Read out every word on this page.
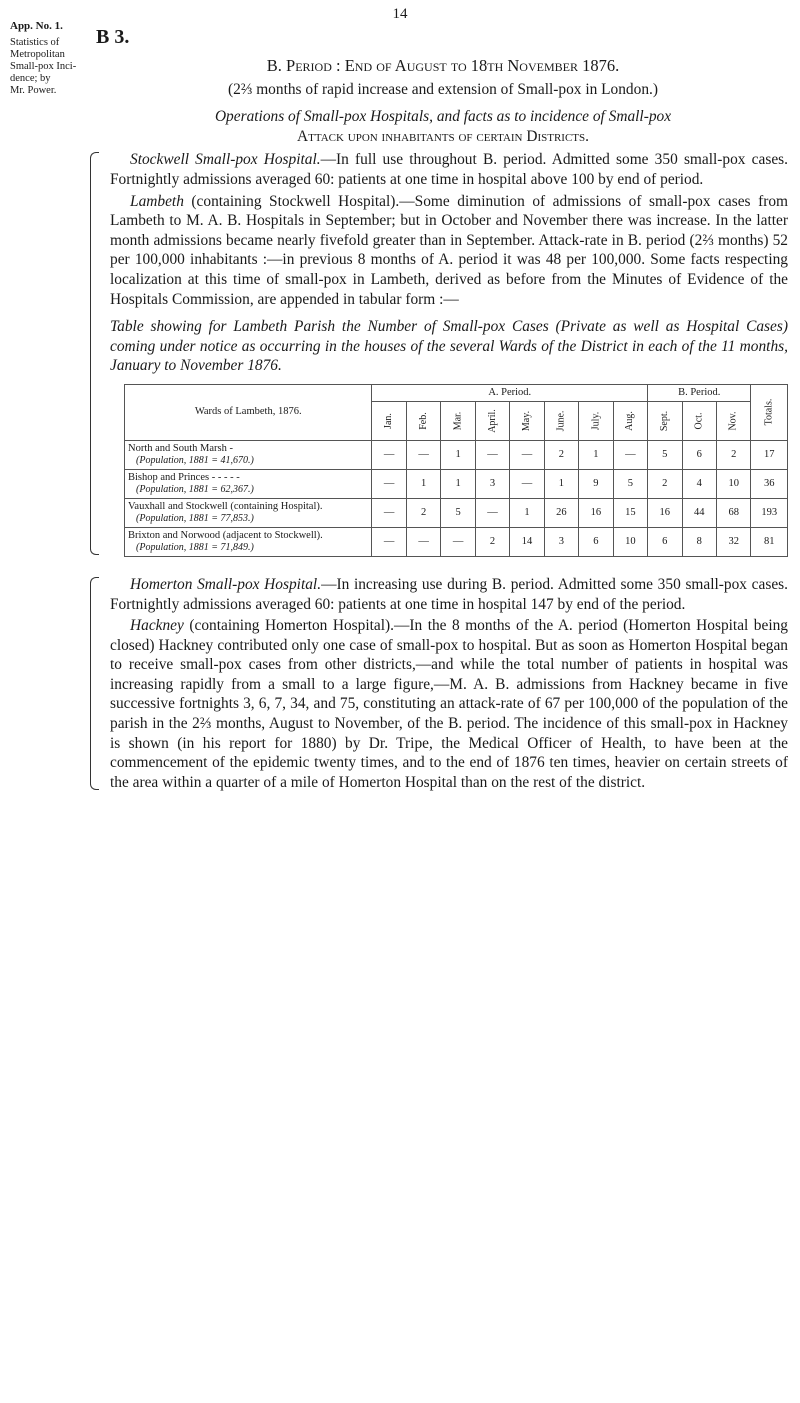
14
App. No. 1.
Statistics of
Metropolitan
Small-pox Inci-
dence; by
Mr. Power.
B 3.
B. Period : End of August to 18th November 1876.
(2⅔ months of rapid increase and extension of Small-pox in London.)
Operations of Small-pox Hospitals, and facts as to incidence of Small-pox
Attack upon inhabitants of certain Districts.

Stockwell Small-pox Hospital.—In full use throughout B. period. Admitted some 350 small-pox cases. Fortnightly admissions averaged 60: patients at one time in hospital above 100 by end of period.

Lambeth (containing Stockwell Hospital).—Some diminution of admissions of small-pox cases from Lambeth to M. A. B. Hospitals in September; but in October and November there was increase. In the latter month admissions became nearly fivefold greater than in September. Attack-rate in B. period (2⅔ months) 52 per 100,000 inhabitants :—in previous 8 months of A. period it was 48 per 100,000. Some facts respecting localization at this time of small-pox in Lambeth, derived as before from the Minutes of Evidence of the Hospitals Commission, are appended in tabular form :—

Table showing for Lambeth Parish the Number of Small-pox Cases (Private as well as Hospital Cases) coming under notice as occurring in the houses of the several Wards of the District in each of the 11 months, January to November 1876.

Wards of Lambeth, 1876.	A. Period.								B. Period.			Totals.
	Jan.	Feb.	Mar.	April.	May.	June.	July.	Aug.	Sept.	Oct.	Nov.	

North and South Marsh -
(Population, 1881 = 41,670.)	—	—	1	—	—	2	1	—	5	6	2	17

Bishop and Princes - - - - -
(Population, 1881 = 62,367.)	—	1	1	3	—	1	9	5	2	4	10	36

Vauxhall and Stockwell (containing Hospital).
(Population, 1881 = 77,853.)	—	2	5	—	1	26	16	15	16	44	68	193

Brixton and Norwood (adjacent to Stockwell).
(Population, 1881 = 71,849.)	—	—	—	2	14	3	6	10	6	8	32	81

Homerton Small-pox Hospital.—In increasing use during B. period. Admitted some 350 small-pox cases. Fortnightly admissions averaged 60: patients at one time in hospital 147 by end of the period.

Hackney (containing Homerton Hospital).—In the 8 months of the A. period (Homerton Hospital being closed) Hackney contributed only one case of small-pox to hospital. But as soon as Homerton Hospital began to receive small-pox cases from other districts,—and while the total number of patients in hospital was increasing rapidly from a small to a large figure,—M. A. B. admissions from Hackney became in five successive fortnights 3, 6, 7, 34, and 75, constituting an attack-rate of 67 per 100,000 of the population of the parish in the 2⅔ months, August to November, of the B. period. The incidence of this small-pox in Hackney is shown (in his report for 1880) by Dr. Tripe, the Medical Officer of Health, to have been at the commencement of the epidemic twenty times, and to the end of 1876 ten times, heavier on certain streets of the area within a quarter of a mile of Homerton Hospital than on the rest of the district.
